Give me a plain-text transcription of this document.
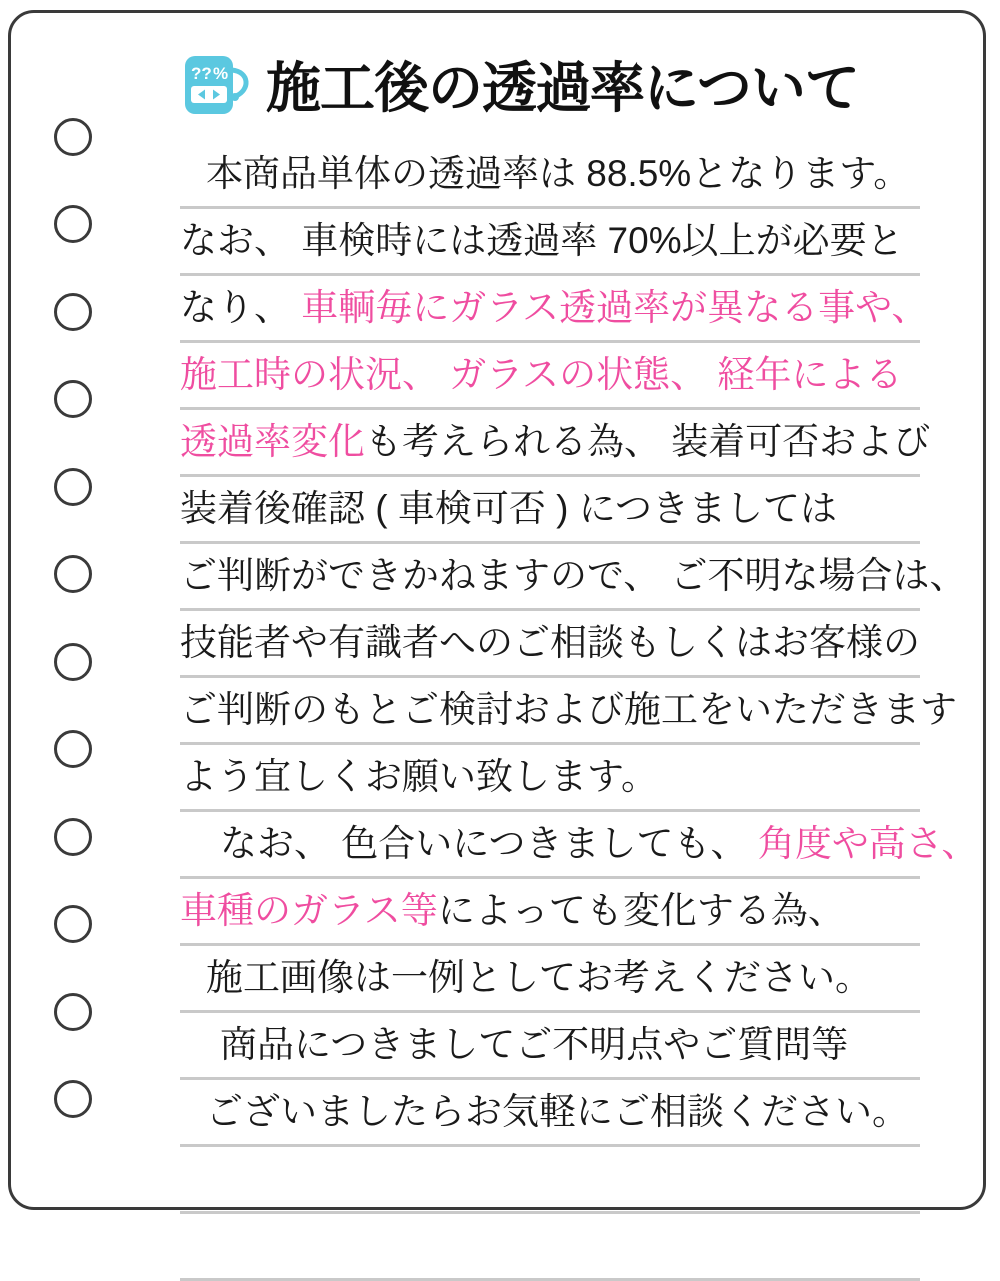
?? % 施工後の透過率について
本商品単体の透過率は 88.5%となります。
なお、 車検時には透過率 70%以上が必要と
なり、 車輌毎にガラス透過率が異なる事や、
施工時の状況、 ガラスの状態、 経年による
透過率変化も考えられる為、 装着可否および
装着後確認 ( 車検可否 ) につきましては
ご判断ができかねますので、 ご不明な場合は、
技能者や有識者へのご相談もしくはお客様の
ご判断のもとご検討および施工をいただきます
よう宜しくお願い致します。
なお、 色合いにつきましても、 角度や高さ、
車種のガラス等によっても変化する為、
施工画像は一例としてお考えください。
商品につきましてご不明点やご質問等
ございましたらお気軽にご相談ください。
